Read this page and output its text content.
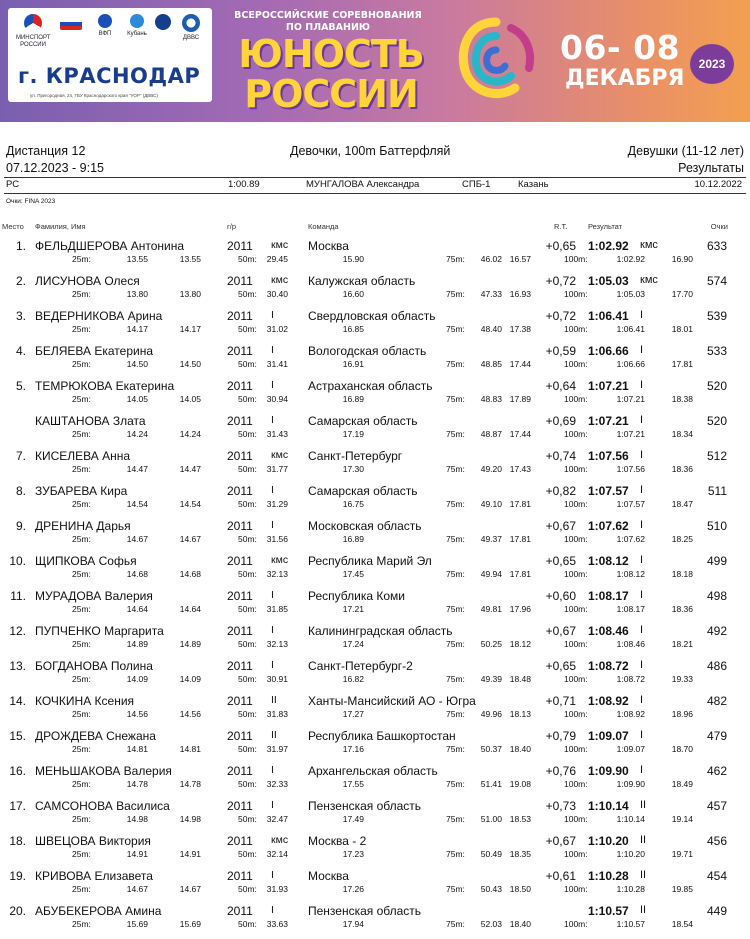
МИНСПОРТ РОССИИ
ВФП	Кубань
ДВВС
г. КРАСНОДАР
ул. Пригородная, 24, ГБУ Краснодарского края "УОР" (ДВВС)
ВСЕРОССИЙСКИЕ СОРЕВНОВАНИЯ ПО ПЛАВАНИЮ
ЮНОСТЬ
РОССИИ
06- 08
ДЕКАБРЯ
2023
Дистанция 12
07.12.2023 - 9:15
Девочки, 100m Баттерфляй	Девушки (11-12 лет)
Результаты
РС	1:00.89	МУНГАЛОВА Александра	СПБ-1	Казань	10.12.2022
Очки: FINA 2023
Место Фамилия, Имя	г/р	Команда	R.T.	Результат	Очки
1. ФЕЛЬДШЕРОВА Антонина	2011 кмс Москва	+0,65 1:02.92 кмс	633
25m:	13.55	13.55	50m: 29.45	15.90	75m: 46.02 16.57	100m:	1:02.92	16.90
2. ЛИСУНОВА Олеся	2011 кмс Калужская область	+0,72 1:05.03 кмс	574
25m:	13.80	13.80	50m: 30.40	16.60	75m: 47.33 16.93	100m:	1:05.03	17.70
3. ВЕДЕРНИКОВА Арина	2011 I	Свердловская область	+0,72 1:06.41 I	539
25m:	14.17	14.17	50m: 31.02	16.85	75m: 48.40 17.38	100m:	1:06.41	18.01
4. БЕЛЯЕВА Екатерина	2011 I	Вологодская область	+0,59 1:06.66 I	533
25m:	14.50	14.50	50m: 31.41	16.91	75m: 48.85 17.44	100m:	1:06.66	17.81
5. ТЕМРЮКОВА Екатерина	2011 I	Астраханская область	+0,64 1:07.21 I	520
25m:	14.05	14.05	50m: 30.94	16.89	75m: 48.83 17.89	100m:	1:07.21	18.38
КАШТАНОВА Злата	2011 I	Самарская область	+0,69 1:07.21 I	520
25m:	14.24	14.24	50m: 31.43	17.19	75m: 48.87 17.44	100m:	1:07.21	18.34
7. КИСЕЛЕВА Анна	2011 кмс Санкт-Петербург	+0,74 1:07.56 I	512
25m:	14.47	14.47	50m: 31.77	17.30	75m: 49.20 17.43	100m:	1:07.56	18.36
8. ЗУБАРЕВА Кира	2011 I	Самарская область	+0,82 1:07.57 I	511
25m:	14.54	14.54	50m: 31.29	16.75	75m: 49.10 17.81	100m:	1:07.57	18.47
9. ДРЕНИНА Дарья	2011 I	Московская область	+0,67 1:07.62 I	510
25m:	14.67	14.67	50m: 31.56	16.89	75m: 49.37 17.81	100m:	1:07.62	18.25
10. ЩИПКОВА Софья	2011 кмс Республика Марий Эл	+0,65 1:08.12 I	499
25m:	14.68	14.68	50m: 32.13	17.45	75m: 49.94 17.81	100m:	1:08.12	18.18
11. МУРАДОВА Валерия	2011 I	Республика Коми	+0,60 1:08.17 I	498
25m:	14.64	14.64	50m: 31.85	17.21	75m: 49.81 17.96	100m:	1:08.17	18.36
12. ПУПЧЕНКО Маргарита	2011 I	Калининградская область	+0,67 1:08.46 I	492
25m:	14.89	14.89	50m: 32.13	17.24	75m: 50.25 18.12	100m:	1:08.46	18.21
13. БОГДАНОВА Полина	2011 I	Санкт-Петербург-2	+0,65 1:08.72 I	486
25m:	14.09	14.09	50m: 30.91	16.82	75m: 49.39 18.48	100m:	1:08.72	19.33
14. КОЧКИНА Ксения	2011 II	Ханты-Мансийский АО - Югра	+0,71 1:08.92 I	482
25m:	14.56	14.56	50m: 31.83	17.27	75m: 49.96 18.13	100m:	1:08.92	18.96
15. ДРОЖДЕВА Снежана	2011 II	Республика Башкортостан	+0,79 1:09.07 I	479
25m:	14.81	14.81	50m: 31.97	17.16	75m: 50.37 18.40	100m:	1:09.07	18.70
16. МЕНЬШАКОВА Валерия	2011 I	Архангельская область	+0,76 1:09.90 I	462
25m:	14.78	14.78	50m: 32.33	17.55	75m: 51.41 19.08	100m:	1:09.90	18.49
17. САМСОНОВА Василиса	2011 I	Пензенская область	+0,73 1:10.14 II	457
25m:	14.98	14.98	50m: 32.47	17.49	75m: 51.00 18.53	100m:	1:10.14	19.14
18. ШВЕЦОВА Виктория	2011 кмс Москва - 2	+0,67 1:10.20 II	456
25m:	14.91	14.91	50m: 32.14	17.23	75m: 50.49 18.35	100m:	1:10.20	19.71
19. КРИВОВА Елизавета	2011 I	Москва	+0,61 1:10.28 II	454
25m:	14.67	14.67	50m: 31.93	17.26	75m: 50.43 18.50	100m:	1:10.28	19.85
20. АБУБЕКЕРОВА Амина	2011 I	Пензенская область	1:10.57 II	449
25m:	15.69	15.69	50m: 33.63	17.94	75m: 52.03 18.40	100m:	1:10.57	18.54
